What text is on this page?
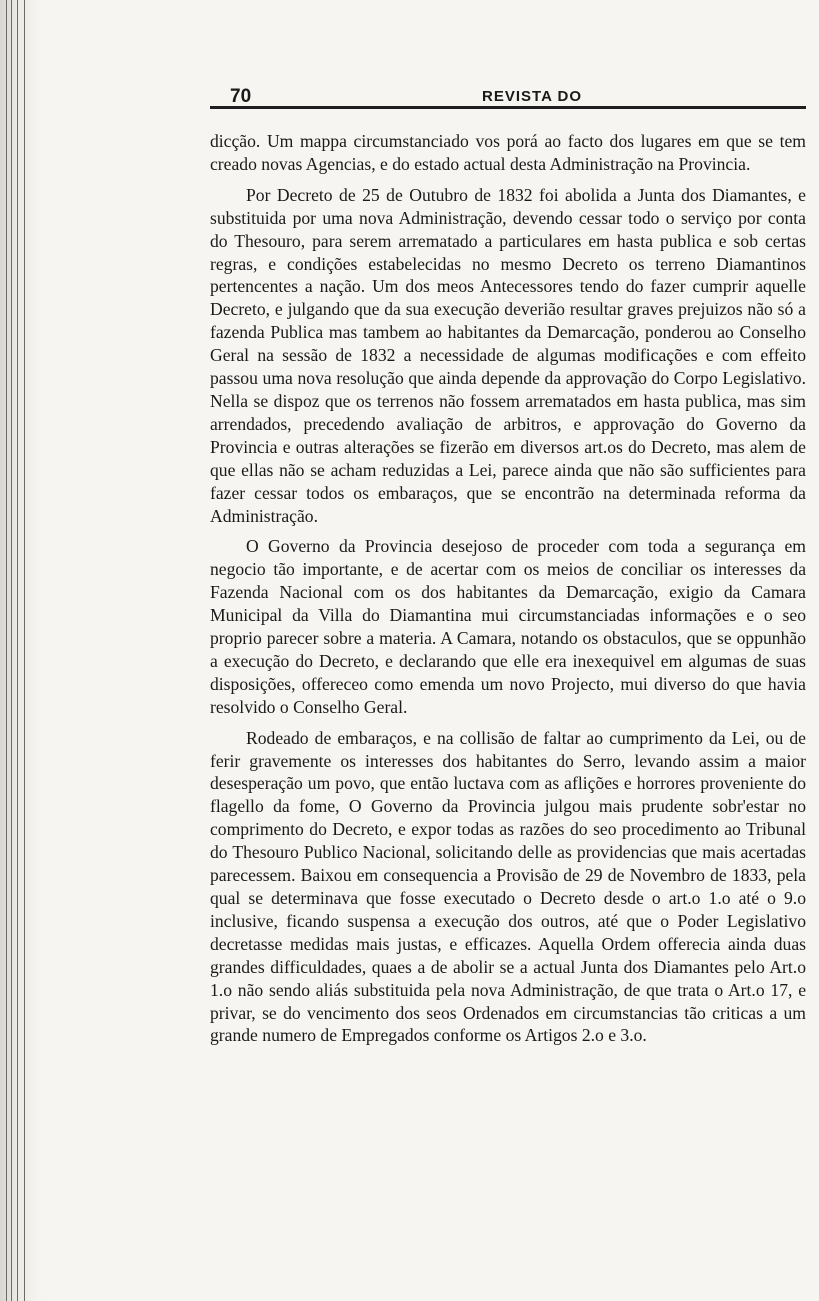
70	REVISTA DO

dicção. Um mappa circumstanciado vos porá ao facto dos lugares em que se tem creado novas Agencias, e do estado actual desta Administração na Provincia.

Por Decreto de 25 de Outubro de 1832 foi abolida a Junta dos Diamantes, e substituida por uma nova Administração, devendo cessar todo o serviço por conta do Thesouro, para serem arrematado a particulares em hasta publica e sob certas regras, e condições estabelecidas no mesmo Decreto os terreno Diamantinos pertencentes a nação. Um dos meos Antecessores tendo do fazer cumprir aquelle Decreto, e julgando que da sua execução deverião resultar graves prejuizos não só a fazenda Publica mas tambem ao habitantes da Demarcação, ponderou ao Conselho Geral na sessão de 1832 a necessidade de algumas modificações e com effeito passou uma nova resolução que ainda depende da approvação do Corpo Legislativo. Nella se dispoz que os terrenos não fossem arrematados em hasta publica, mas sim arrendados, precedendo avaliação de arbitros, e approvação do Governo da Provincia e outras alterações se fizerão em diversos art.os do Decreto, mas alem de que ellas não se acham reduzidas a Lei, parece ainda que não são sufficientes para fazer cessar todos os embaraços, que se encontrão na determinada reforma da Administração.

O Governo da Provincia desejoso de proceder com toda a segurança em negocio tão importante, e de acertar com os meios de conciliar os interesses da Fazenda Nacional com os dos habitantes da Demarcação, exigio da Camara Municipal da Villa do Diamantina mui circumstanciadas informações e o seo proprio parecer sobre a materia. A Camara, notando os obstaculos, que se oppunhão a execução do Decreto, e declarando que elle era inexequivel em algumas de suas disposições, offereceo como emenda um novo Projecto, mui diverso do que havia resolvido o Conselho Geral.

Rodeado de embaraços, e na collisão de faltar ao cumprimento da Lei, ou de ferir gravemente os interesses dos habitantes do Serro, levando assim a maior desesperação um povo, que então luctava com as aflições e horrores proveniente do flagello da fome, O Governo da Provincia julgou mais prudente sobr'estar no comprimento do Decreto, e expor todas as razões do seo procedimento ao Tribunal do Thesouro Publico Nacional, solicitando delle as providencias que mais acertadas parecessem. Baixou em consequencia a Provisão de 29 de Novembro de 1833, pela qual se determinava que fosse executado o Decreto desde o art.o 1.o até o 9.o inclusive, ficando suspensa a execução dos outros, até que o Poder Legislativo decretasse medidas mais justas, e efficazes. Aquella Ordem offerecia ainda duas grandes difficuldades, quaes a de abolir se a actual Junta dos Diamantes pelo Art.o 1.o não sendo aliás substituida pela nova Administração, de que trata o Art.o 17, e privar, se do vencimento dos seos Ordenados em circumstancias tão criticas a um grande numero de Empregados conforme os Artigos 2.o e 3.o.
